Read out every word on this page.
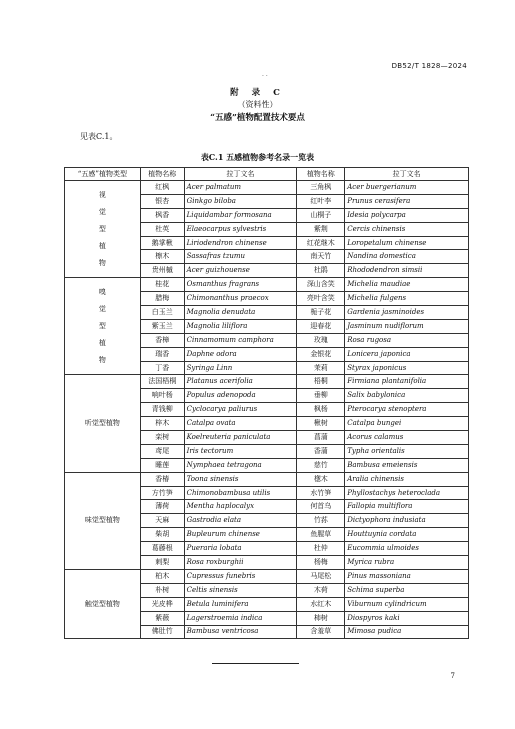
DB52/T 1828—2024
· ·
附 录 C
（资料性）
“五感”植物配置技术要点
见表C.1。
表C.1 五感植物参考名录一览表
“五感”植物类型	植物名称	拉丁文名	植物名称	拉丁文名
视觉型植物	红枫	Acer palmatum	三角枫	Acer buergerianum
	银杏	Ginkgo biloba	红叶李	Prunus cerasifera
	枫香	Liquidambar formosana	山桐子	Idesia polycarpa
	杜英	Elaeocarpus sylvestris	紫荆	Cercis chinensis
	鹅掌楸	Liriodendron chinense	红花继木	Loropetalum chinense
	檫木	Sassafras tzumu	南天竹	Nandina domestica
	贵州槭	Acer guizhouense	杜鹃	Rhododendron simsii
嗅觉型植物	桂花	Osmanthus fragrans	深山含笑	Michelia maudiae
	腊梅	Chimonanthus praecox	亮叶含笑	Michelia fulgens
	白玉兰	Magnolia denudata	栀子花	Gardenia jasminoides
	紫玉兰	Magnolia liliflora	迎春花	Jasminum nudiflorum
	香樟	Cinnamomum camphora	玫瑰	Rosa rugosa
	瑞香	Daphne odora	金银花	Lonicera japonica
	丁香	Syringa Linn	茉莉	Styrax japonicus
听觉型植物	法国梧桐	Platanus acerifolia	梧桐	Firmiana plantanifolia
	响叶杨	Populus adenopoda	垂柳	Salix babylonica
	青钱柳	Cyclocarya paliurus	枫杨	Pterocarya stenoptera
	梓木	Catalpa ovata	楸树	Catalpa bungei
	栾树	Koelreuteria paniculata	菖蒲	Acorus calamus
	鸢尾	Iris tectorum	香蒲	Typha orientalis
	睡莲	Nymphaea tetragona	慈竹	Bambusa emeiensis
味觉型植物	香椿	Toona sinensis	楤木	Aralia chinensis
	方竹笋	Chimonobambusa utilis	水竹笋	Phyllostachys heteroclada
	薄荷	Mentha haplocalyx	何首乌	Fallopia multiflora
	天麻	Gastrodia elata	竹荪	Dictyophora indusiata
	柴胡	Bupleurum chinense	鱼腥草	Houttuynia cordata
	葛藤根	Pueraria lobata	杜仲	Eucommia ulmoides
	刺梨	Rosa roxburghii	杨梅	Myrica rubra
触觉型植物	柏木	Cupressus funebris	马尾松	Pinus massoniana
	朴树	Celtis sinensis	木荷	Schima superba
	光皮桦	Betula luminifera	水红木	Viburnum cylindricum
	紫薇	Lagerstroemia indica	柿树	Diospyros kaki
	佛肚竹	Bambusa ventricosa	含羞草	Mimosa pudica
7
